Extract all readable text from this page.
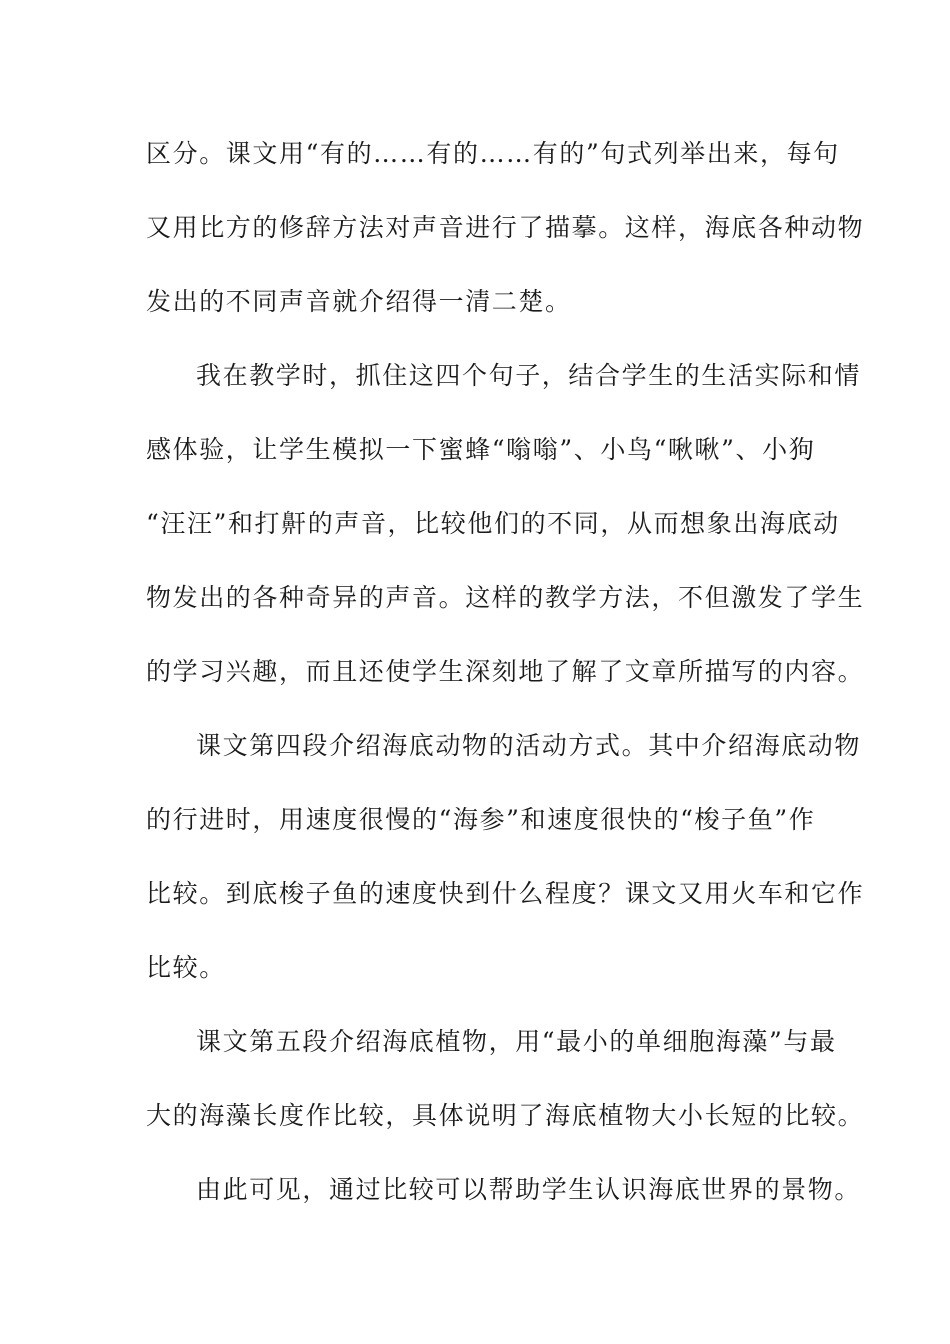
区分。课文用“有的……有的……有的”句式列举出来，每句
又用比方的修辞方法对声音进行了描摹。这样，海底各种动物
发出的不同声音就介绍得一清二楚。
我在教学时，抓住这四个句子，结合学生的生活实际和情
感体验，让学生模拟一下蜜蜂“嗡嗡”、小鸟“啾啾”、小狗
“汪汪”和打鼾的声音，比较他们的不同，从而想象出海底动
物发出的各种奇异的声音。这样的教学方法，不但激发了学生
的学习兴趣，而且还使学生深刻地了解了文章所描写的内容。
课文第四段介绍海底动物的活动方式。其中介绍海底动物
的行进时，用速度很慢的“海参”和速度很快的“梭子鱼”作
比较。到底梭子鱼的速度快到什么程度？课文又用火车和它作
比较。
课文第五段介绍海底植物，用“最小的单细胞海藻”与最
大的海藻长度作比较，具体说明了海底植物大小长短的比较。
由此可见，通过比较可以帮助学生认识海底世界的景物。
